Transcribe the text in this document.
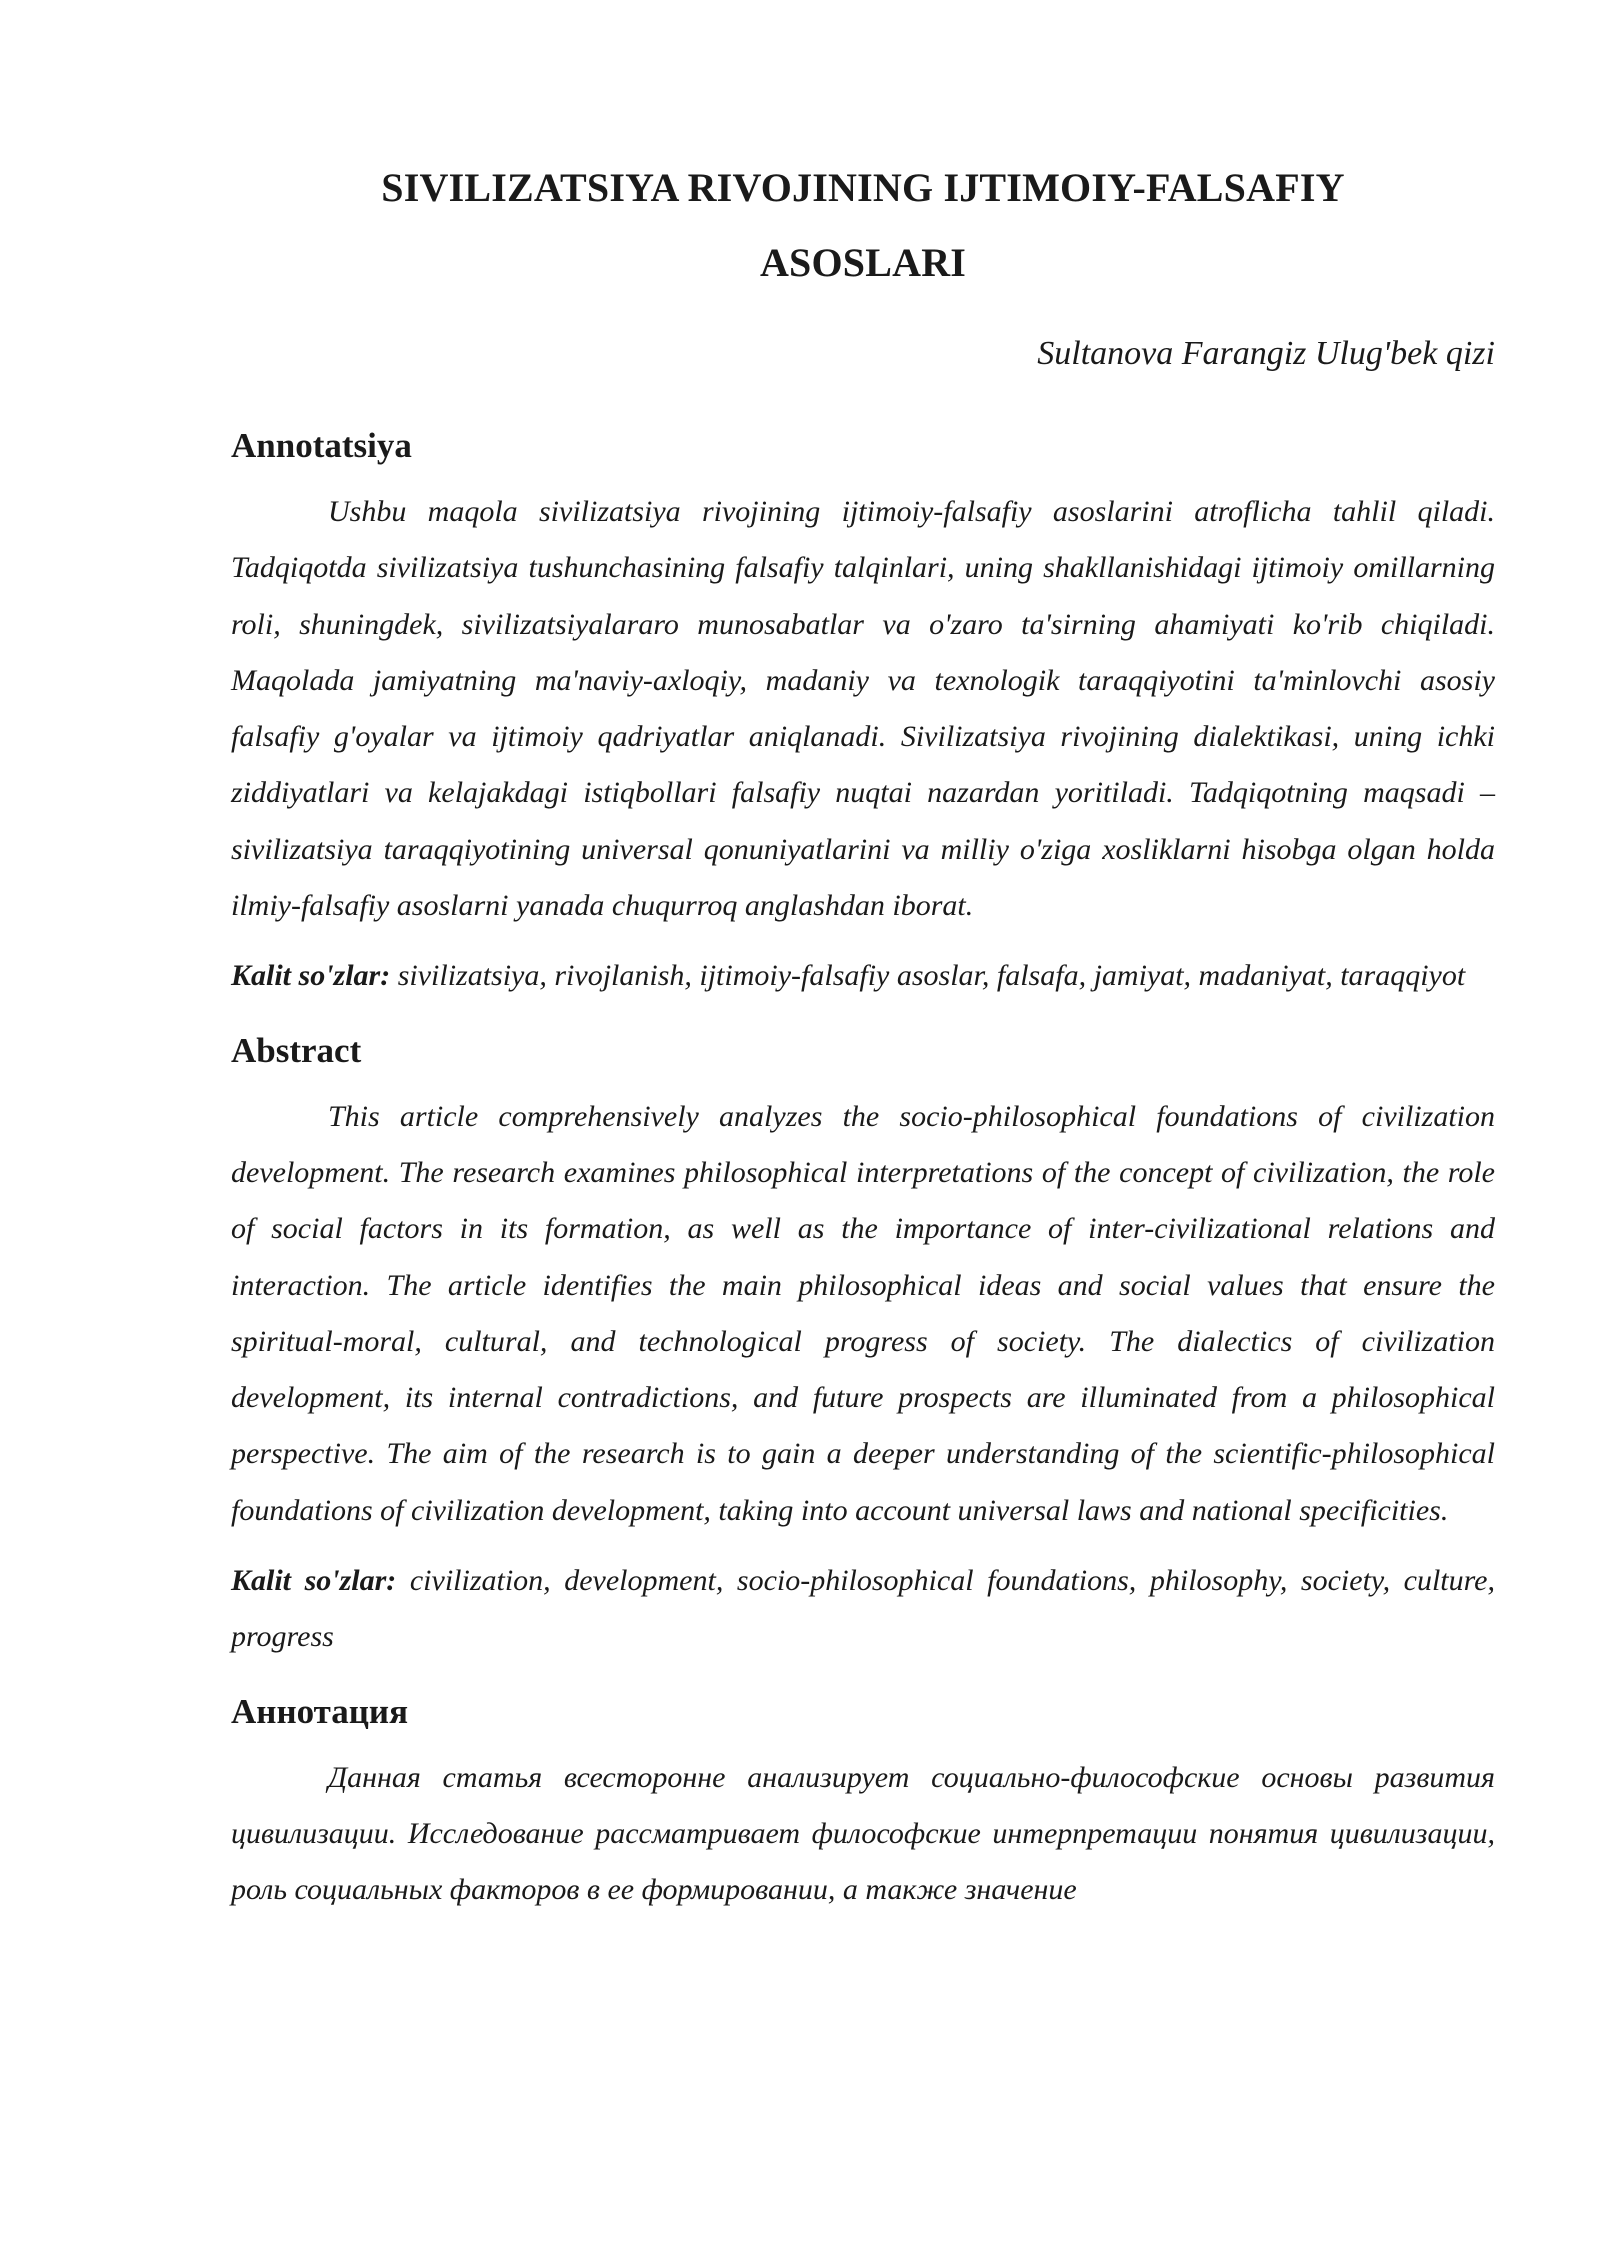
SIVILIZATSIYA RIVOJINING IJTIMOIY-FALSAFIY
ASOSLARI
Sultanova Farangiz Ulug'bek qizi
Annotatsiya

Ushbu maqola sivilizatsiya rivojining ijtimoiy-falsafiy asoslarini atroflicha tahlil qiladi. Tadqiqotda sivilizatsiya tushunchasining falsafiy talqinlari, uning shakllanishidagi ijtimoiy omillarning roli, shuningdek, sivilizatsiyalararo munosabatlar va o'zaro ta'sirning ahamiyati ko'rib chiqiladi. Maqolada jamiyatning ma'naviy-axloqiy, madaniy va texnologik taraqqiyotini ta'minlovchi asosiy falsafiy g'oyalar va ijtimoiy qadriyatlar aniqlanadi. Sivilizatsiya rivojining dialektikasi, uning ichki ziddiyatlari va kelajakdagi istiqbollari falsafiy nuqtai nazardan yoritiladi. Tadqiqotning maqsadi – sivilizatsiya taraqqiyotining universal qonuniyatlarini va milliy o'ziga xosliklarni hisobga olgan holda ilmiy-falsafiy asoslarni yanada chuqurroq anglashdan iborat.

Kalit so'zlar: sivilizatsiya, rivojlanish, ijtimoiy-falsafiy asoslar, falsafa, jamiyat, madaniyat, taraqqiyot

Abstract

This article comprehensively analyzes the socio-philosophical foundations of civilization development. The research examines philosophical interpretations of the concept of civilization, the role of social factors in its formation, as well as the importance of inter-civilizational relations and interaction. The article identifies the main philosophical ideas and social values that ensure the spiritual-moral, cultural, and technological progress of society. The dialectics of civilization development, its internal contradictions, and future prospects are illuminated from a philosophical perspective. The aim of the research is to gain a deeper understanding of the scientific-philosophical foundations of civilization development, taking into account universal laws and national specificities.

Kalit so'zlar: civilization, development, socio-philosophical foundations, philosophy, society, culture, progress

Аннотация

Данная статья всесторонне анализирует социально-философские основы развития цивилизации. Исследование рассматривает философские интерпретации понятия цивилизации, роль социальных факторов в ее формировании, а также значение
